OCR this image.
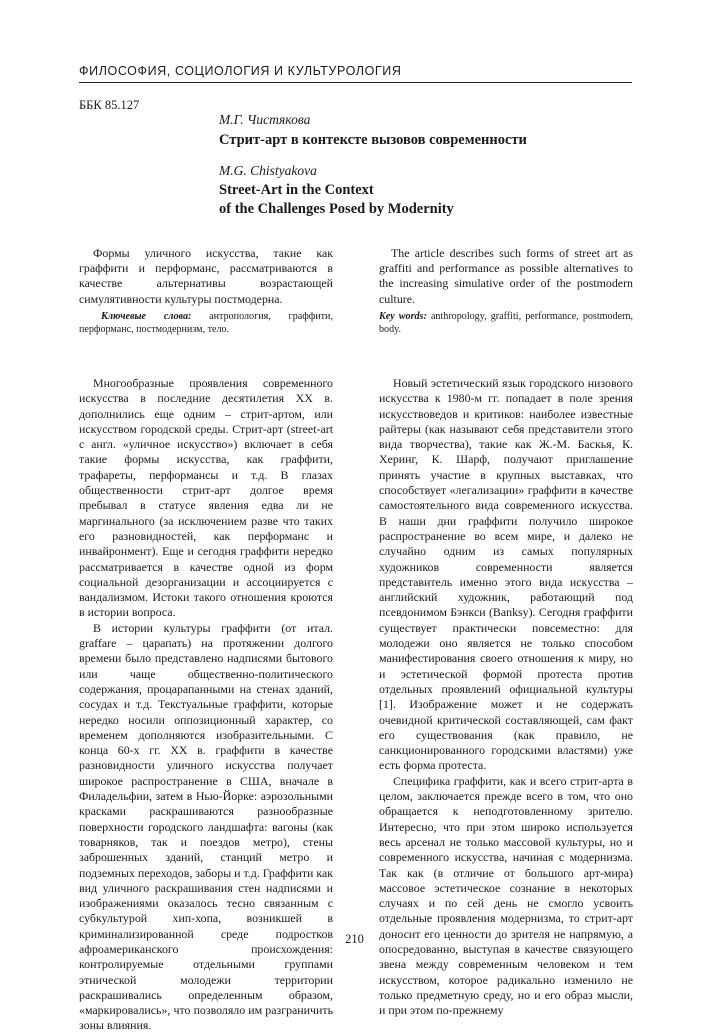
ФИЛОСОФИЯ, СОЦИОЛОГИЯ И КУЛЬТУРОЛОГИЯ
ББК 85.127
М.Г. Чистякова
Стрит-арт в контексте вызовов современности
M.G. Chistyakova
Street-Art in the Context
of the Challenges Posed by Modernity
Формы уличного искусства, такие как граффити и перформанс, рассматриваются в качестве альтернативы возрастающей симулятивности культуры постмодерна.
Ключевые слова: антропология, граффити, перформанс, постмодернизм, тело.
The article describes such forms of street art as graffiti and performance as possible alternatives to the increasing simulative order of the postmodern culture.
Key words: anthropology, graffiti, performance, postmodern, body.

Многообразные проявления современного искусства в последние десятилетия XX в. дополнились еще одним – стрит-артом, или искусством городской среды. Стрит-арт (street-art с англ. «уличное искусство») включает в себя такие формы искусства, как граффити, трафареты, перформансы и т.д. В глазах общественности стрит-арт долгое время пребывал в статусе явления едва ли не маргинального (за исключением разве что таких его разновидностей, как перформанс и инвайронмент). Еще и сегодня граффити нередко рассматривается в качестве одной из форм социальной дезорганизации и ассоциируется с вандализмом. Истоки такого отношения кроются в истории вопроса.

В истории культуры граффити (от итал. graffare – царапать) на протяжении долгого времени было представлено надписями бытового или чаще общественно-политического содержания, процарапанными на стенах зданий, сосудах и т.д. Текстуальные граффити, которые нередко носили оппозиционный характер, со временем дополняются изобразительными. С конца 60-х гг. XX в. граффити в качестве разновидности уличного искусства получает широкое распространение в США, вначале в Филадельфии, затем в Нью-Йорке: аэрозольными красками раскрашиваются разнообразные поверхности городского ландшафта: вагоны (как товарняков, так и поездов метро), стены заброшенных зданий, станций метро и подземных переходов, заборы и т.д. Граффити как вид уличного раскрашивания стен надписями и изображениями оказалось тесно связанным с субкультурой хип-хопа, возникшей в криминализированной среде подростков афроамериканского происхождения: контролируемые отдельными группами этнической молодежи территории раскрашивались определенным образом, «маркировались», что позволяло им разграничить зоны влияния.

Новый эстетический язык городского низового искусства к 1980-м гг. попадает в поле зрения искусствоведов и критиков: наиболее известные райтеры (как называют себя представители этого вида творчества), такие как Ж.-М. Баскья, К. Херинг, К. Шарф, получают приглашение принять участие в крупных выставках, что способствует «легализации» граффити в качестве самостоятельного вида современного искусства. В наши дни граффити получило широкое распространение во всем мире, и далеко не случайно одним из самых популярных художников современности является представитель именно этого вида искусства – английский художник, работающий под псевдонимом Бэнкси (Banksy). Сегодня граффити существует практически повсеместно: для молодежи оно является не только способом манифестирования своего отношения к миру, но и эстетической формой протеста против отдельных проявлений официальной культуры [1]. Изображение может и не содержать очевидной критической составляющей, сам факт его существования (как правило, не санкционированного городскими властями) уже есть форма протеста.

Специфика граффити, как и всего стрит-арта в целом, заключается прежде всего в том, что оно обращается к неподготовленному зрителю. Интересно, что при этом широко используется весь арсенал не только массовой культуры, но и современного искусства, начиная с модернизма. Так как (в отличие от большого арт-мира) массовое эстетическое сознание в некоторых случаях и по сей день не смогло усвоить отдельные проявления модернизма, то стрит-арт доносит его ценности до зрителя не напрямую, а опосредованно, выступая в качестве связующего звена между современным человеком и тем искусством, которое радикально изменило не только предметную среду, но и его образ мысли, и при этом по-прежнему

210
